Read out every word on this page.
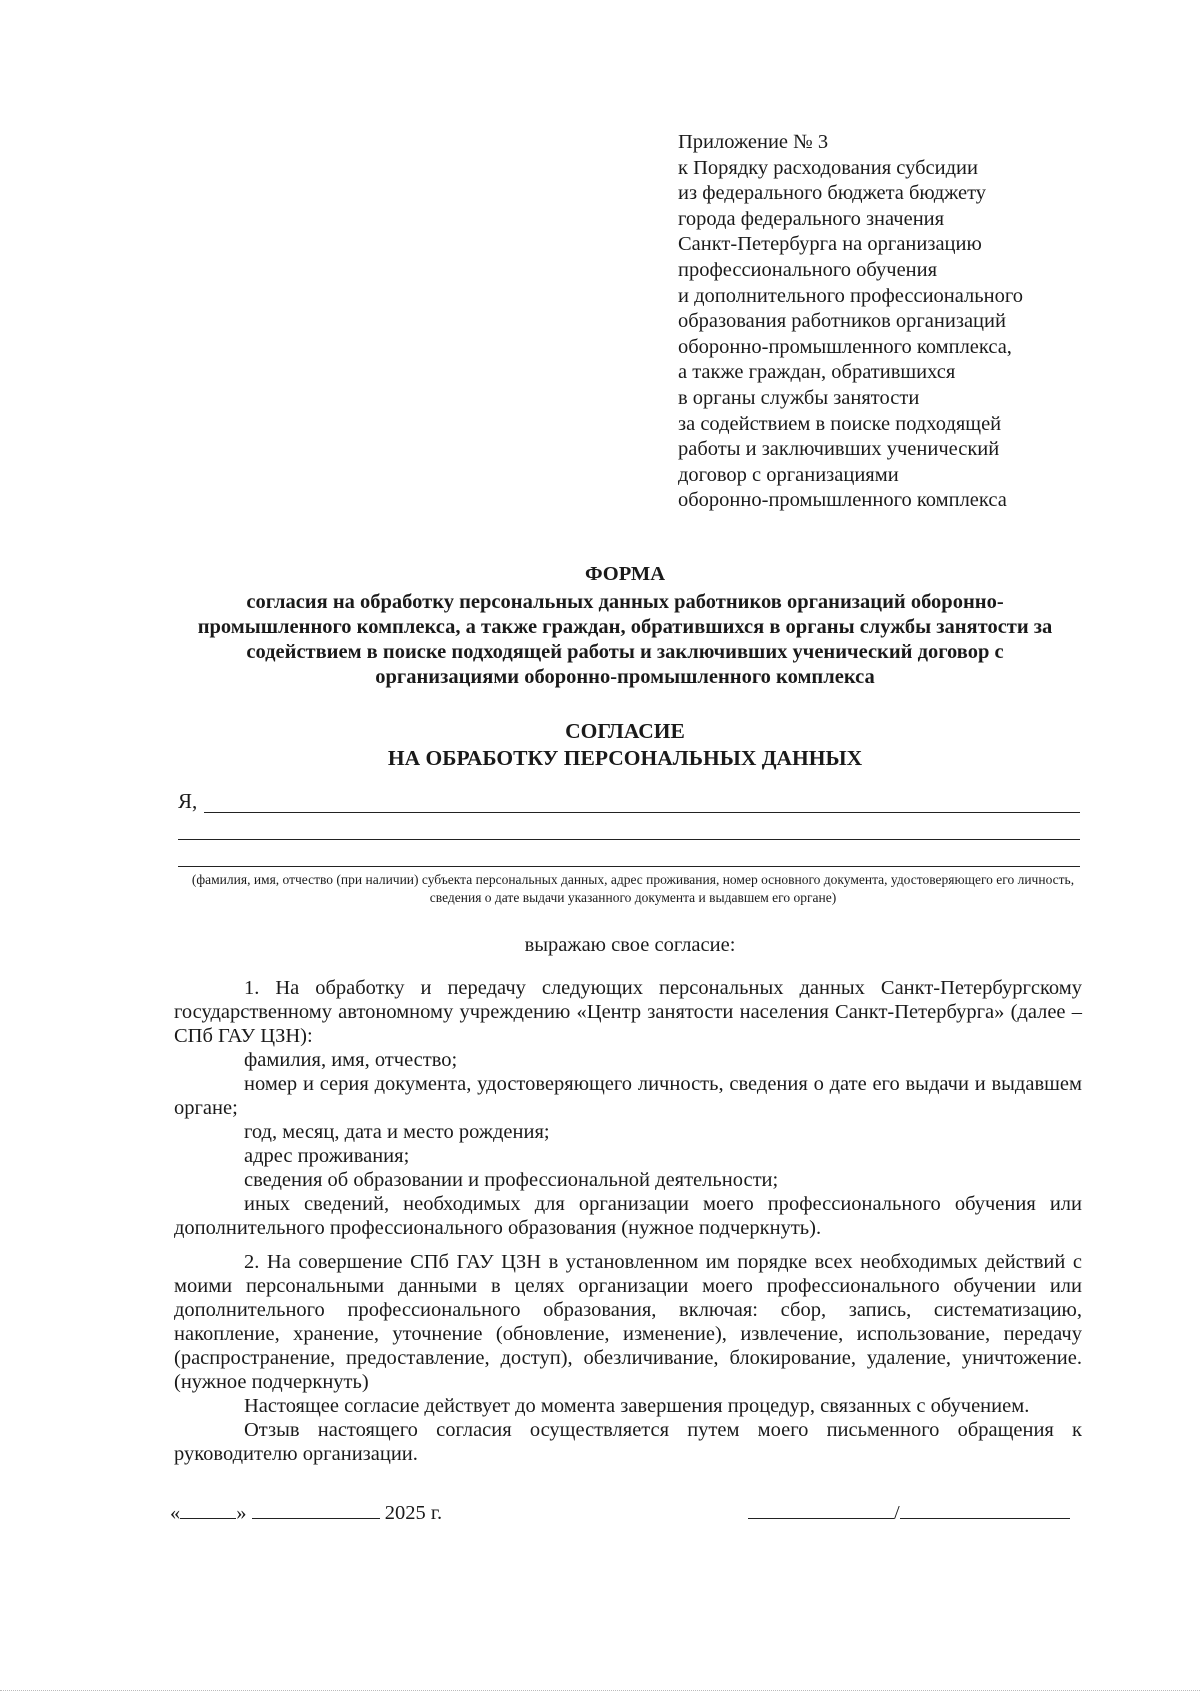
Приложение № 3
к Порядку расходования субсидии
из федерального бюджета бюджету
города федерального значения
Санкт-Петербурга на организацию
профессионального обучения
и дополнительного профессионального
образования работников организаций
оборонно-промышленного комплекса,
а также граждан, обратившихся
в органы службы занятости
за содействием в поиске подходящей
работы и заключивших ученический
договор с организациями
оборонно-промышленного комплекса
ФОРМА
согласия на обработку персональных данных работников организаций оборонно-промышленного комплекса, а также граждан, обратившихся в органы службы занятости за содействием в поиске подходящей работы и заключивших ученический договор с организациями оборонно-промышленного комплекса
СОГЛАСИЕ
НА ОБРАБОТКУ ПЕРСОНАЛЬНЫХ ДАННЫХ
Я,
(фамилия, имя, отчество (при наличии) субъекта персональных данных, адрес проживания, номер основного документа, удостоверяющего его личность, сведения о дате выдачи указанного документа и выдавшем его органе)
выражаю свое согласие:

1. На обработку и передачу следующих персональных данных Санкт-Петербургскому государственному автономному учреждению «Центр занятости населения Санкт-Петербурга» (далее – СПб ГАУ ЦЗН):

фамилия, имя, отчество;

номер и серия документа, удостоверяющего личность, сведения о дате его выдачи и выдавшем органе;

год, месяц, дата и место рождения;

адрес проживания;

сведения об образовании и профессиональной деятельности;

иных сведений, необходимых для организации моего профессионального обучения или дополнительного профессионального образования (нужное подчеркнуть).

2. На совершение СПб ГАУ ЦЗН в установленном им порядке всех необходимых действий с моими персональными данными в целях организации моего профессионального обучении или дополнительного профессионального образования, включая: сбор, запись, систематизацию, накопление, хранение, уточнение (обновление, изменение), извлечение, использование, передачу (распространение, предоставление, доступ), обезличивание, блокирование, удаление, уничтожение. (нужное подчеркнуть)

Настоящее согласие действует до момента завершения процедур, связанных с обучением.

Отзыв настоящего согласия осуществляется путем моего письменного обращения к руководителю организации.

«	»	2025 г.	/
